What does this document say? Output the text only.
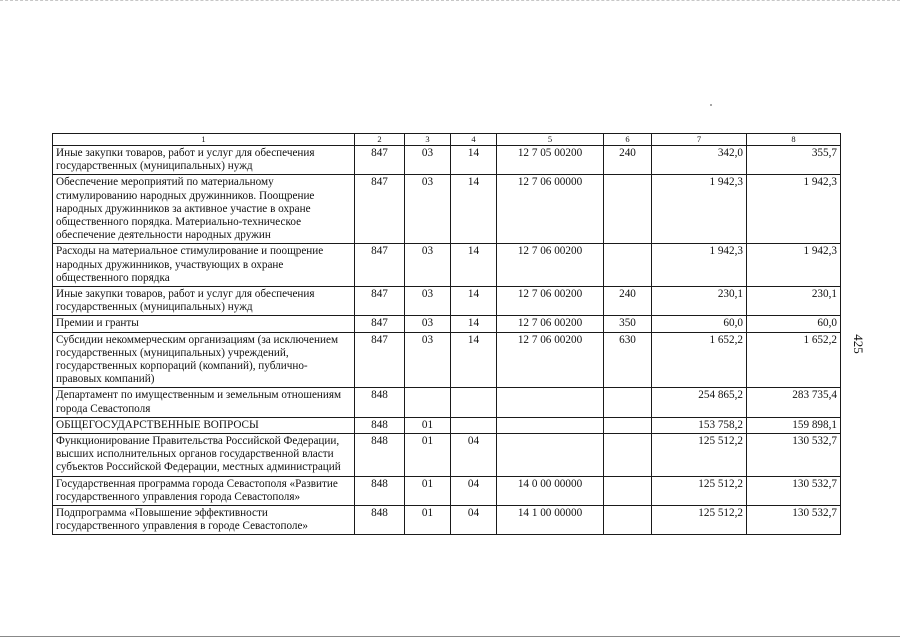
425
1	2	3	4	5	6	7	8
Иные закупки товаров, работ и услуг для обеспечения государственных (муниципальных) нужд	847	03	14	12 7 05 00200	240	342,0	355,7
Обеспечение мероприятий по материальному стимулированию народных дружинников. Поощрение народных дружинников за активное участие в охране общественного порядка. Материально-техническое обеспечение деятельности народных дружин	847	03	14	12 7 06 00000		1 942,3	1 942,3
Расходы на материальное стимулирование и поощрение народных дружинников, участвующих в охране общественного порядка	847	03	14	12 7 06 00200		1 942,3	1 942,3
Иные закупки товаров, работ и услуг для обеспечения государственных (муниципальных) нужд	847	03	14	12 7 06 00200	240	230,1	230,1
Премии и гранты	847	03	14	12 7 06 00200	350	60,0	60,0
Субсидии некоммерческим организациям (за исключением государственных (муниципальных) учреждений, государственных корпораций (компаний), публично-правовых компаний)	847	03	14	12 7 06 00200	630	1 652,2	1 652,2
Департамент по имущественным и земельным отношениям города Севастополя	848					254 865,2	283 735,4
ОБЩЕГОСУДАРСТВЕННЫЕ ВОПРОСЫ	848	01				153 758,2	159 898,1
Функционирование Правительства Российской Федерации, высших исполнительных органов государственной власти субъектов Российской Федерации, местных администраций	848	01	04			125 512,2	130 532,7
Государственная программа города Севастополя «Развитие государственного управления города Севастополя»	848	01	04	14 0 00 00000		125 512,2	130 532,7
Подпрограмма «Повышение эффективности государственного управления в городе Севастополе»	848	01	04	14 1 00 00000		125 512,2	130 532,7
